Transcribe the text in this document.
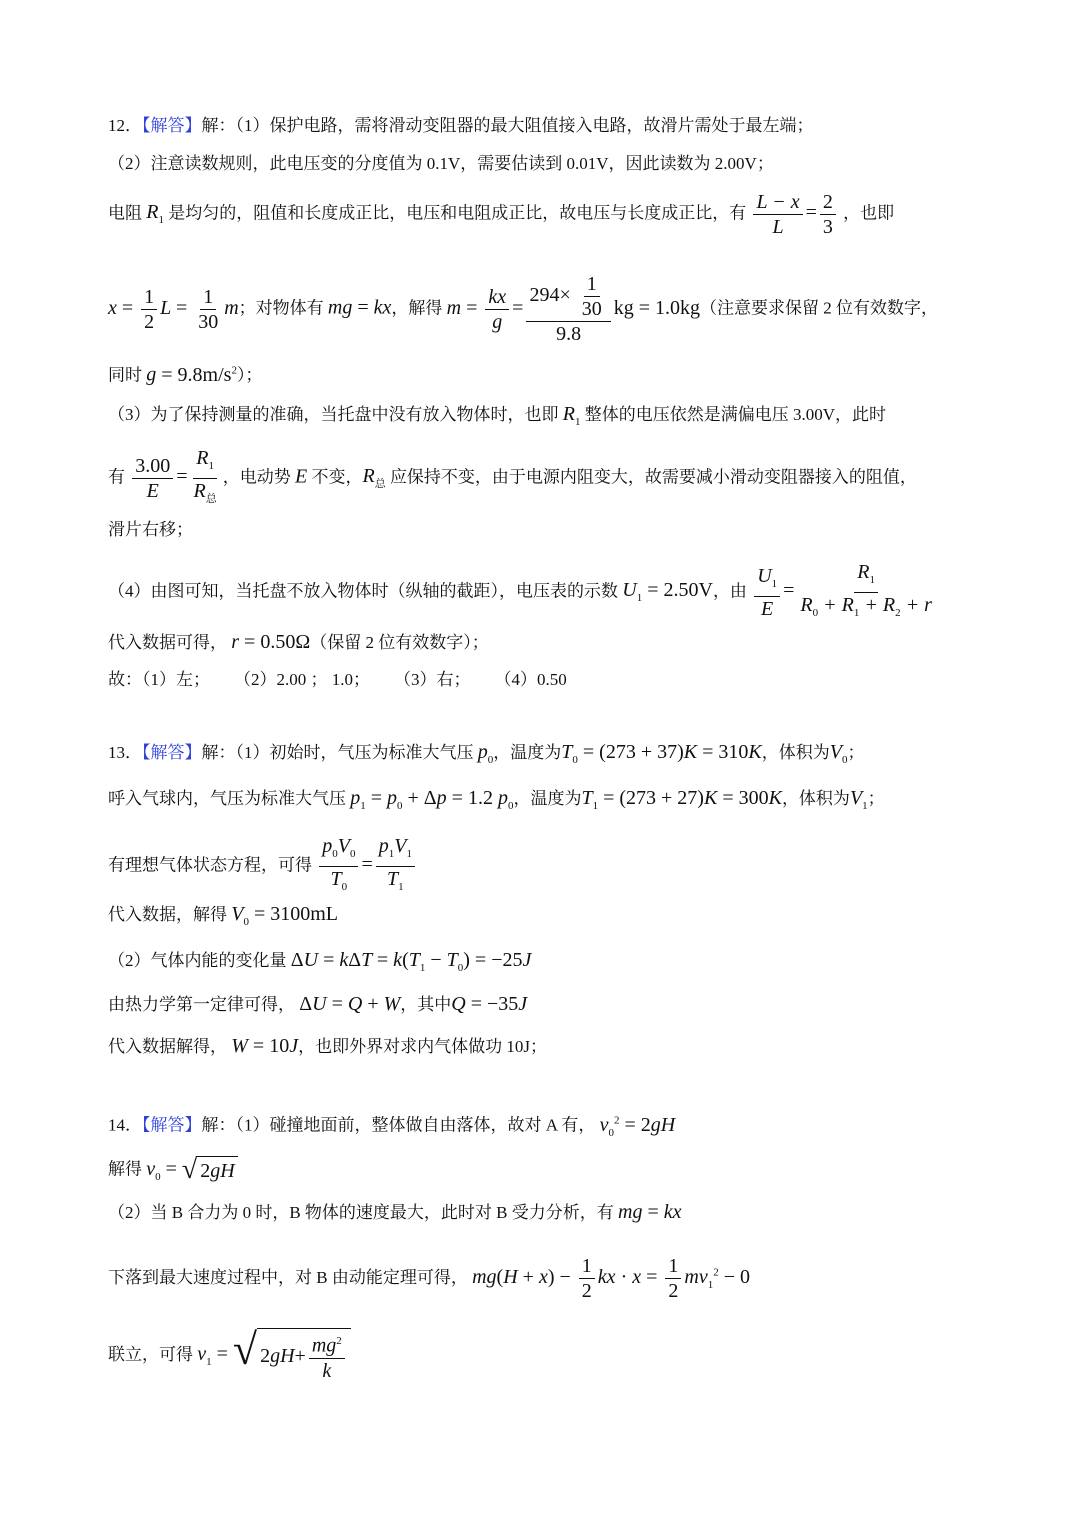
12．【解答】解：（1）保护电路，需将滑动变阻器的最大阻值接入电路，故滑片需处于最左端；
（2）注意读数规则，此电压变的分度值为 0.1V，需要估读到 0.01V，因此读数为 2.00V；
电阻 $R_1$ 是均匀的，阻值和长度成正比，电压和电阻成正比，故电压与长度成正比，有 $\frac{L - x}{L} = \frac{2}{3}$ ，也即
$x = \frac{1}{2}$ $L = \frac{1}{30}$ m；对物体有 mg = kx，解得 $m = \frac{kx}{g} = \frac{294\times \frac{1}{30}}{9.8}$ kg = 1.0kg（注意要求保留 2 位有效数字，
同时 $g = 9.8m/s^2$）；
（3）为了保持测量的准确，当托盘中没有放入物体时，也即 $R_1$ 整体的电压依然是满偏电压 3.00V，此时
有 $\frac{3.00}{E} = \frac{R_1}{R_总}$ ，电动势 E 不变，$R_总$ 应保持不变，由于电源内阻变大，故需要减小滑动变阻器接入的阻值，
滑片右移；
（4）由图可知，当托盘不放入物体时（纵轴的截距），电压表的示数 $U_1 = 2.50V$，由 $\frac{U_1}{E} = \frac{R_1}{R_0 + R_1 + R_2 + r}$
代入数据可得， r = 0.50Ω（保留 2 位有效数字）；
故：（1）左； （2）2.00 ； 1.0； （3）右； （4）0.50
13．【解答】解：（1）初始时，气压为标准大气压 $p_0$，温度为$T_0 = (273 + 37)K = 310K$，体积为$V_0$；
呼入气球内，气压为标准大气压 $p_1 = p_0 + \Delta p = 1.2$ $p_0$，温度为$T_1 = (273 + 27)K = 300K$，体积为$V_1$；
有理想气体状态方程，可得 $\frac{p_0V_0}{T_0} = \frac{p_1V_1}{T_1}$
代入数据，解得 $V_0 = 3100mL$
（2）气体内能的变化量 $\Delta U = k\Delta T = k(T_1 - T_0) = -25J$
由热力学第一定律可得， ΔU = Q + W，其中Q = −35J
代入数据解得， W = 10J，也即外界对求内气体做功 10J；
14．【解答】解：（1）碰撞地面前，整体做自由落体，故对 A 有， $v_0^2 = 2gH$
解得 $v_0$ = √ 2 gH
（2）当 B 合力为 0 时，B 物体的速度最大，此时对 B 受力分析，有 mg = kx
下落到最大速度过程中，对 B 由动能定理可得， $mg(H + x) - \frac{1}{2}$ kx · $x = \frac{1}{2} mv_1^2 - 0$
联立，可得 $v_1$ = √ 2 gH + $\frac{mg^2}{k}$
